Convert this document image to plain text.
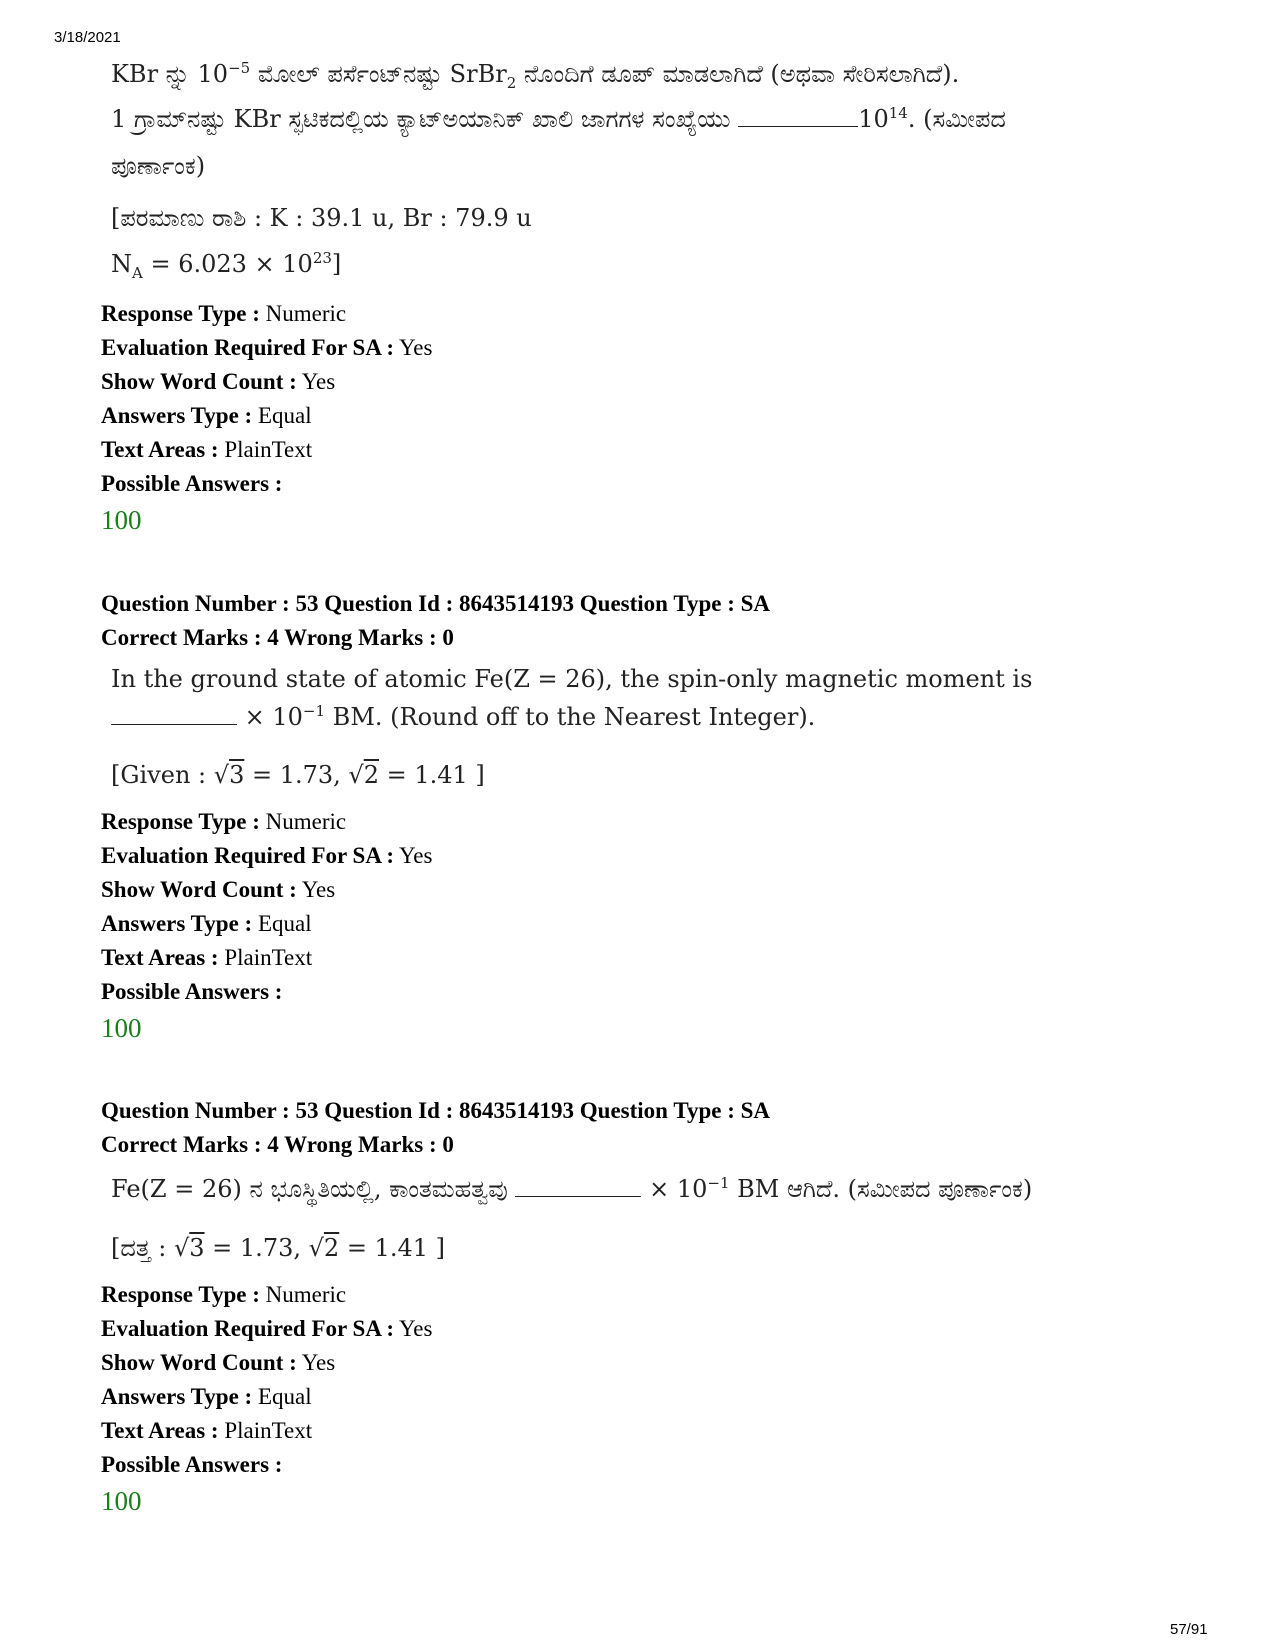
3/18/2021
KBr ನ್ನು $10^{-5}$ ಮೋಲ್ ಪರ್ಸೆಂಟ್‌ನಷ್ಟು SrBr$_2$ ನೊಂದಿಗೆ ಡೂಪ್ ಮಾಡಲಾಗಿದೆ (ಅಥವಾ ಸೇರಿಸಲಾಗಿದೆ).
1 ಗ್ರಾಮ್‌ನಷ್ಟು KBr ಸ್ಫಟಿಕದಲ್ಲಿಯ ಕ್ಯಾಟ್‌ಅಯಾನಿಕ್ ಖಾಲಿ ಜಾಗಗಳ ಸಂಖ್ಯೆಯು	$10^{14}$. (ಸಮೀಪದ
ಪೂರ್ಣಾಂಕ)
[ಪರಮಾಣು ರಾಶಿ : K : 39.1 u, Br : 79.9 u
$N_A = 6.023 \times 10^{23}$]
Response Type : Numeric
Evaluation Required For SA : Yes
Show Word Count : Yes
Answers Type : Equal
Text Areas : PlainText
Possible Answers :
100
Question Number : 53 Question Id : 8643514193 Question Type : SA
Correct Marks : 4 Wrong Marks : 0
In the ground state of atomic Fe(Z = 26), the spin-only magnetic moment is
× $10^{-1}$ BM. (Round off to the Nearest Integer).
[Given : √3 = 1.73, √2 = 1.41 ]
Response Type : Numeric
Evaluation Required For SA : Yes
Show Word Count : Yes
Answers Type : Equal
Text Areas : PlainText
Possible Answers :
100
Question Number : 53 Question Id : 8643514193 Question Type : SA
Correct Marks : 4 Wrong Marks : 0
Fe(Z = 26) ನ ಭೂಸ್ಥಿತಿಯಲ್ಲಿ, ಕಾಂತಮಹತ್ವವು	× $10^{-1}$ BM ಆಗಿದೆ. (ಸಮೀಪದ ಪೂರ್ಣಾಂಕ)
[ದತ್ತ : √3 = 1.73, √2 = 1.41 ]
Response Type : Numeric
Evaluation Required For SA : Yes
Show Word Count : Yes
Answers Type : Equal
Text Areas : PlainText
Possible Answers :
100
57/91
